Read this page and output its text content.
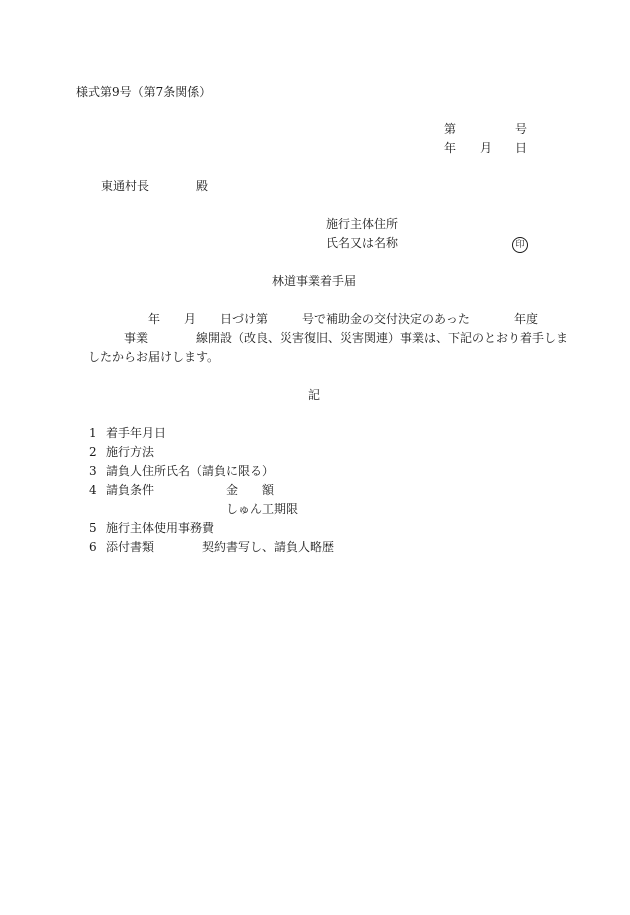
様式第9号（第7条関係）
第	号
年 月 日
東通村長	殿
施行主体住所
氏名又は名称	印
林道事業着手届
年 月 日づけ第	号で補助金の交付決定のあった	年度
事業	線開設（改良、災害復旧、災害関連）事業は、下記のとおり着手しま
したからお届けします。
記
1 着手年月日
2 施行方法
3 請負人住所氏名（請負に限る）
4 請負条件	金　　額
しゅん工期限
5 施行主体使用事務費
6 添付書類	契約書写し、請負人略歴
